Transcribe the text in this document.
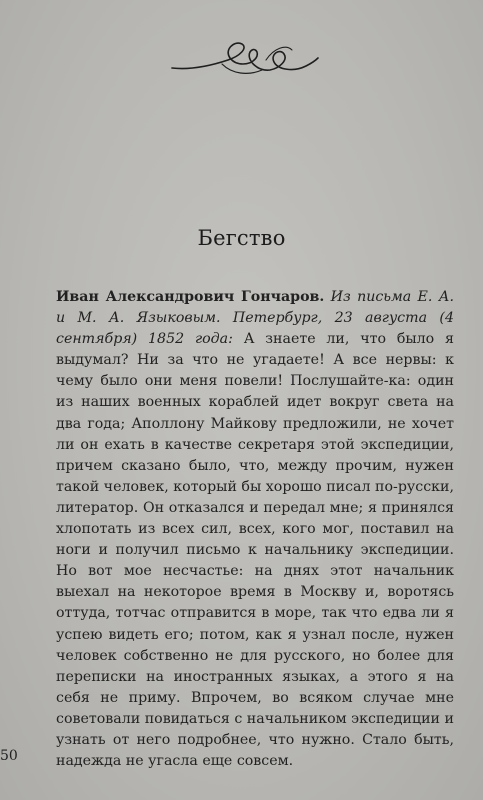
Бегство

Иван Александрович Гончаров. Из письма Е. А. и М. А. Языковым. Петербург, 23 августа (4 сентября) 1852 года: А знаете ли, что было я выдумал? Ни за что не угадаете! А все нервы: к чему было они меня повели! Послушайте-ка: один из наших военных кораблей идет вокруг света на два года; Аполлону Майкову предложили, не хочет ли он ехать в качестве секретаря этой экспедиции, причем сказано было, что, между прочим, нужен такой человек, который бы хорошо писал по-русски, литератор. Он отказался и передал мне; я принялся хлопотать из всех сил, всех, кого мог, поставил на ноги и получил письмо к начальнику экспедиции. Но вот мое несчастье: на днях этот начальник выехал на некоторое время в Москву и, воротясь оттуда, тотчас отправится в море, так что едва ли я успею видеть его; потом, как я узнал после, нужен человек собственно не для русского, но более для переписки на иностранных языках, а этого я на себя не приму. Впрочем, во всяком случае мне советовали повидаться с начальником экспедиции и узнать от него подробнее, что нужно. Стало быть, надежда не угасла еще совсем.

50
